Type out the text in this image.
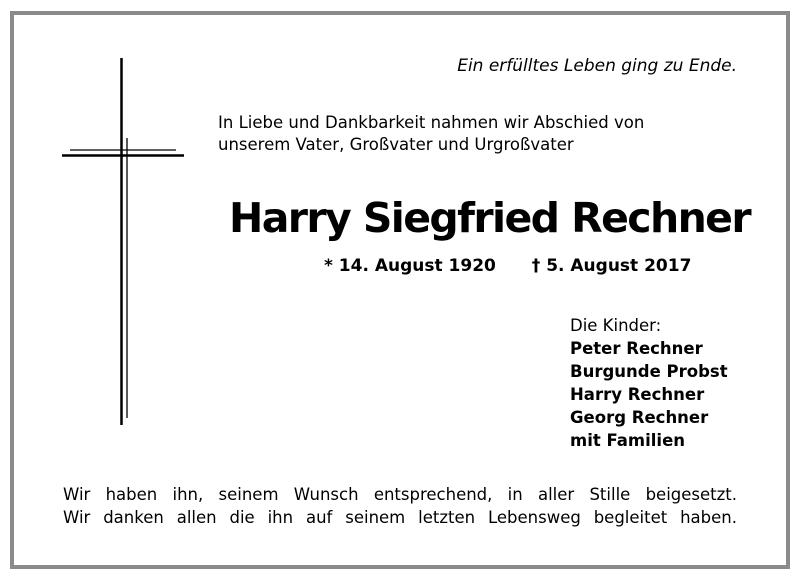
Ein erfülltes Leben ging zu Ende.
In Liebe und Dankbarkeit nahmen wir Abschied von
unserem Vater, Großvater und Urgroßvater
Harry Siegfried Rechner
* 14. August 1920 † 5. August 2017
Die Kinder:
Peter Rechner
Burgunde Probst
Harry Rechner
Georg Rechner
mit Familien
Wir haben ihn, seinem Wunsch entsprechend, in aller Stille beigesetzt.
Wir danken allen die ihn auf seinem letzten Lebensweg begleitet haben.
